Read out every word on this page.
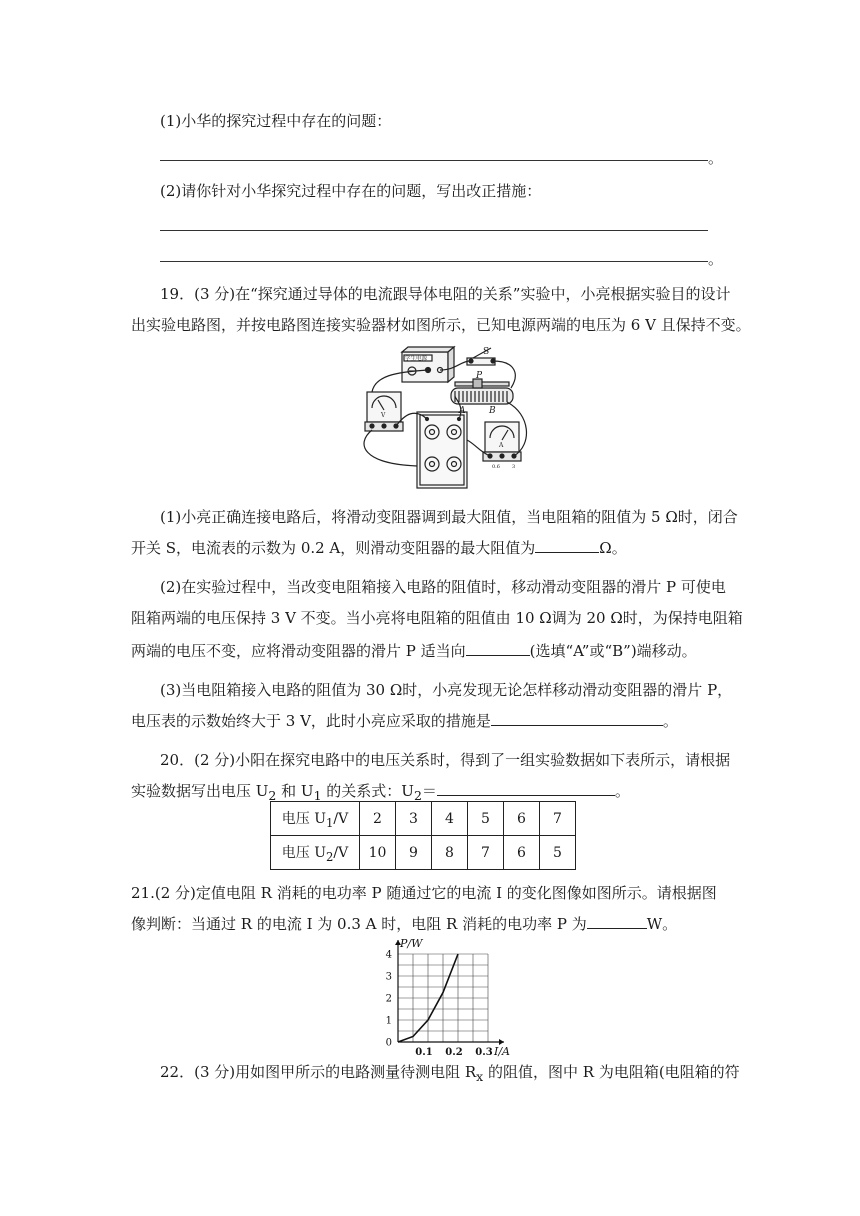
(1)小华的探究过程中存在的问题：
。
(2)请你针对小华探究过程中存在的问题，写出改正措施：
。
19．(3 分)在“探究通过导体的电流跟导体电阻的关系”实验中，小亮根据实验目的设计
出实验电路图，并按电路图连接实验器材如图所示，已知电源两端的电压为 6 V 且保持不变。
学生电源
S
P
A	B
V
A
0.6 3
(1)小亮正确连接电路后，将滑动变阻器调到最大阻值，当电阻箱的阻值为 5 Ω时，闭合
开关 S，电流表的示数为 0.2 A，则滑动变阻器的最大阻值为	Ω。
(2)在实验过程中，当改变电阻箱接入电路的阻值时，移动滑动变阻器的滑片 P 可使电
阻箱两端的电压保持 3 V 不变。当小亮将电阻箱的阻值由 10 Ω调为 20 Ω时，为保持电阻箱
两端的电压不变，应将滑动变阻器的滑片 P 适当向	(选填“A”或“B”)端移动。
(3)当电阻箱接入电路的阻值为 30 Ω时，小亮发现无论怎样移动滑动变阻器的滑片 P，
电压表的示数始终大于 3 V，此时小亮应采取的措施是	。
20．(2 分)小阳在探究电路中的电压关系时，得到了一组实验数据如下表所示，请根据
实验数据写出电压 $U_2$ 和 $U_1$ 的关系式：$U_2=$	。
电压 $U_1/V$	2	3	4	5	6	7
电压 $U_2/V$	10	9	8	7	6	5
21.(2 分)定值电阻 R 消耗的电功率 P 随通过它的电流 I 的变化图像如图所示。请根据图
像判断：当通过 R 的电流 I 为 0.3 A 时，电阻 R 消耗的电功率 P 为	W。
0
1
2
3
4
0.1 0.2 0.3 I/A
P/W
22．(3 分)用如图甲所示的电路测量待测电阻 $R_x$ 的阻值，图中 R 为电阻箱(电阻箱的符
